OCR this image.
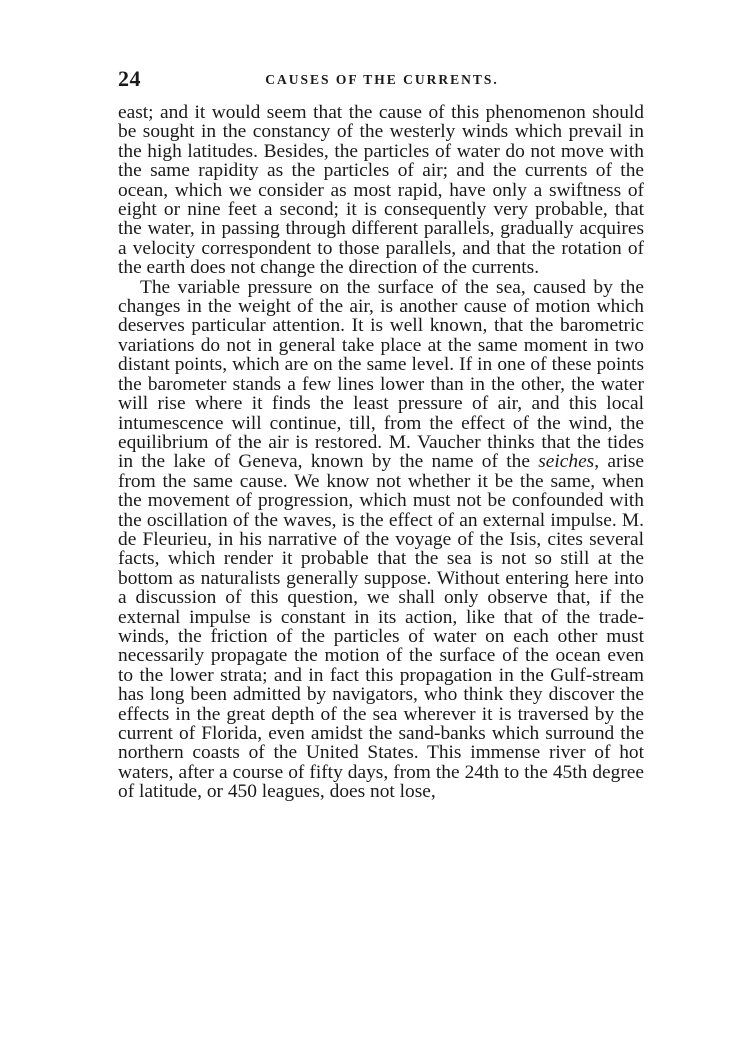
24	CAUSES OF THE CURRENTS.

east; and it would seem that the cause of this phenomenon should be sought in the constancy of the westerly winds which prevail in the high latitudes. Besides, the particles of water do not move with the same rapidity as the particles of air; and the currents of the ocean, which we consider as most rapid, have only a swiftness of eight or nine feet a second; it is consequently very probable, that the water, in passing through different parallels, gradually acquires a velocity correspondent to those parallels, and that the rotation of the earth does not change the direction of the currents.

The variable pressure on the surface of the sea, caused by the changes in the weight of the air, is another cause of motion which deserves particular attention. It is well known, that the barometric variations do not in general take place at the same moment in two distant points, which are on the same level. If in one of these points the barometer stands a few lines lower than in the other, the water will rise where it finds the least pressure of air, and this local intumescence will continue, till, from the effect of the wind, the equilibrium of the air is restored. M. Vaucher thinks that the tides in the lake of Geneva, known by the name of the seiches, arise from the same cause. We know not whether it be the same, when the movement of progression, which must not be confounded with the oscillation of the waves, is the effect of an external impulse. M. de Fleurieu, in his narrative of the voyage of the Isis, cites several facts, which render it probable that the sea is not so still at the bottom as naturalists generally suppose. Without entering here into a discussion of this question, we shall only observe that, if the external impulse is constant in its action, like that of the trade-winds, the friction of the particles of water on each other must necessarily propagate the motion of the surface of the ocean even to the lower strata; and in fact this propagation in the Gulf-stream has long been admitted by navigators, who think they discover the effects in the great depth of the sea wherever it is traversed by the current of Florida, even amidst the sand-banks which surround the northern coasts of the United States. This immense river of hot waters, after a course of fifty days, from the 24th to the 45th degree of latitude, or 450 leagues, does not lose,
